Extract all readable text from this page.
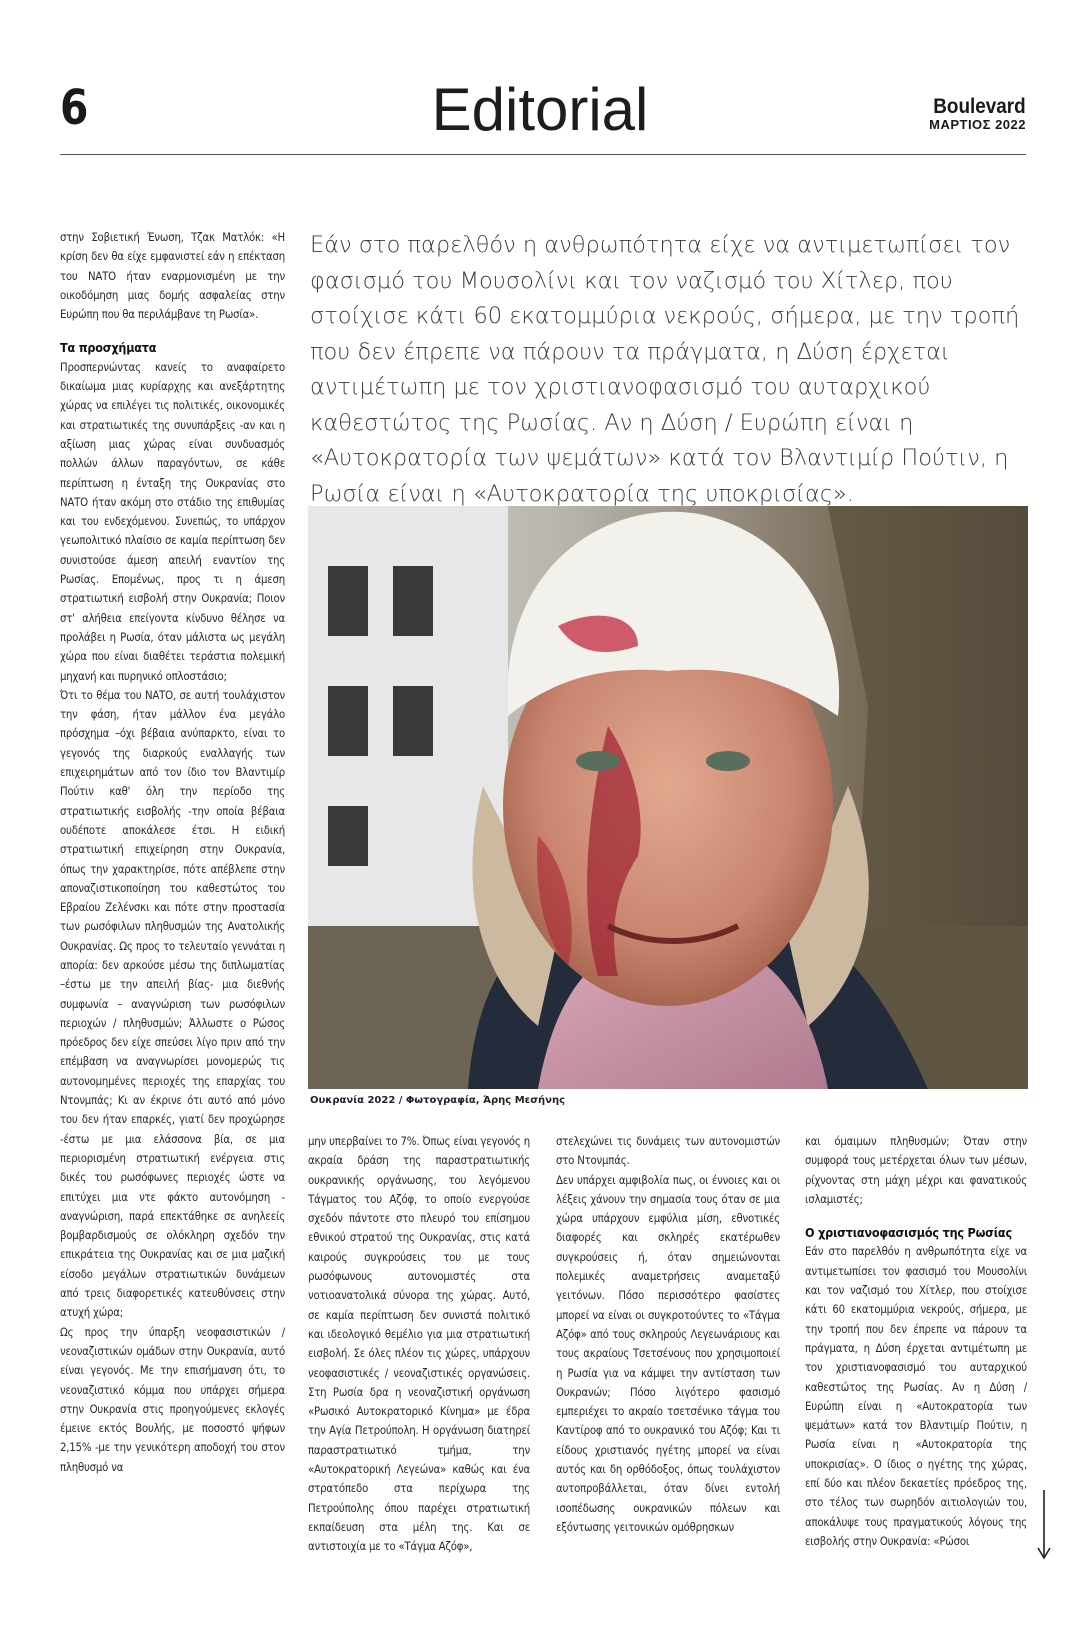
6	Editorial	Boulevard
ΜΑΡΤΙΟΣ 2022

στην Σοβιετική Ένωση, Τζακ Ματλόκ: «Η κρίση δεν θα είχε εμφανιστεί εάν η επέκταση του ΝΑΤΟ ήταν εναρμονισμένη με την οικοδόμηση μιας δομής ασφαλείας στην Ευρώπη που θα περιλάμβανε τη Ρωσία».

Τα προσχήματα

Προσπερνώντας κανείς το αναφαίρετο δικαίωμα μιας κυρίαρχης και ανεξάρτητης χώρας να επιλέγει τις πολιτικές, οικονομικές και στρατιωτικές της συνυπάρξεις -αν και η αξίωση μιας χώρας είναι συνδυασμός πολλών άλλων παραγόντων, σε κάθε περίπτωση η ένταξη της Ουκρανίας στο ΝΑΤΟ ήταν ακόμη στο στάδιο της επιθυμίας και του ενδεχόμενου. Συνεπώς, το υπάρχον γεωπολιτικό πλαίσιο σε καμία περίπτωση δεν συνιστούσε άμεση απειλή εναντίον της Ρωσίας. Επομένως, προς τι η άμεση στρατιωτική εισβολή στην Ουκρανία; Ποιον στ' αλήθεια επείγοντα κίνδυνο θέλησε να προλάβει η Ρωσία, όταν μάλιστα ως μεγάλη χώρα που είναι διαθέτει τεράστια πολεμική μηχανή και πυρηνικό οπλοστάσιο;

Ότι το θέμα του ΝΑΤΟ, σε αυτή τουλάχιστον την φάση, ήταν μάλλον ένα μεγάλο πρόσχημα –όχι βέβαια ανύπαρκτο, είναι το γεγονός της διαρκούς εναλλαγής των επιχειρημάτων από τον ίδιο τον Βλαντιμίρ Πούτιν καθ' όλη την περίοδο της στρατιωτικής εισβολής -την οποία βέβαια ουδέποτε αποκάλεσε έτσι. Η ειδική στρατιωτική επιχείρηση στην Ουκρανία, όπως την χαρακτηρίσε, πότε απέβλεπε στην αποναζιστικοποίηση του καθεστώτος του Εβραίου Ζελένσκι και πότε στην προστασία των ρωσόφιλων πληθυσμών της Ανατολικής Ουκρανίας. Ως προς το τελευταίο γεννάται η απορία: δεν αρκούσε μέσω της διπλωματίας –έστω με την απειλή βίας- μια διεθνής συμφωνία – αναγνώριση των ρωσόφιλων περιοχών / πληθυσμών; Άλλωστε ο Ρώσος πρόεδρος δεν είχε σπεύσει λίγο πριν από την επέμβαση να αναγνωρίσει μονομερώς τις αυτονομημένες περιοχές της επαρχίας του Ντονμπάς; Κι αν έκρινε ότι αυτό από μόνο του δεν ήταν επαρκές, γιατί δεν προχώρησε -έστω με μια ελάσσονα βία, σε μια περιορισμένη στρατιωτική ενέργεια στις δικές του ρωσόφωνες περιοχές ώστε να επιτύχει μια ντε φάκτο αυτονόμηση - αναγνώριση, παρά επεκτάθηκε σε ανηλεείς βομβαρδισμούς σε ολόκληρη σχεδόν την επικράτεια της Ουκρανίας και σε μια μαζική είσοδο μεγάλων στρατιωτικών δυνάμεων από τρεις διαφορετικές κατευθύνσεις στην ατυχή χώρα;

Ως προς την ύπαρξη νεοφασιστικών / νεοναζιστικών ομάδων στην Ουκρανία, αυτό είναι γεγονός. Με την επισήμανση ότι, το νεοναζιστικό κόμμα που υπάρχει σήμερα στην Ουκρανία στις προηγούμενες εκλογές έμεινε εκτός Βουλής, με ποσοστό ψήφων 2,15% -με την γενικότερη αποδοχή του στον πληθυσμό να

Εάν στο παρελθόν η ανθρωπότητα είχε να αντιμετωπίσει τον φασισμό του Μουσολίνι και τον ναζισμό του Χίτλερ, που στοίχισε κάτι 60 εκατομμύρια νεκρούς, σήμερα, με την τροπή που δεν έπρεπε να πάρουν τα πράγματα, η Δύση έρχεται αντιμέτωπη με τον χριστιανοφασισμό του αυταρχικού καθεστώτος της Ρωσίας. Αν η Δύση / Ευρώπη είναι η «Αυτοκρατορία των ψεμάτων» κατά τον Βλαντιμίρ Πούτιν, η Ρωσία είναι η «Αυτοκρατορία της υποκρισίας».
Ουκρανία 2022 / Φωτογραφία, Άρης Μεσήνης

μην υπερβαίνει το 7%. Όπως είναι γεγονός η ακραία δράση της παραστρατιωτικής ουκρανικής οργάνωσης, του λεγόμενου Τάγματος του Αζόφ, το οποίο ενεργούσε σχεδόν πάντοτε στο πλευρό του επίσημου εθνικού στρατού της Ουκρανίας, στις κατά καιρούς συγκρούσεις του με τους ρωσόφωνους αυτονομιστές στα νοτιοανατολικά σύνορα της χώρας. Αυτό, σε καμία περίπτωση δεν συνιστά πολιτικό και ιδεολογικό θεμέλιο για μια στρατιωτική εισβολή. Σε όλες πλέον τις χώρες, υπάρχουν νεοφασιστικές / νεοναζιστικές οργανώσεις. Στη Ρωσία δρα η νεοναζιστική οργάνωση «Ρωσικό Αυτοκρατορικό Κίνημα» με έδρα την Αγία Πετρούπολη. Η οργάνωση διατηρεί παραστρατιωτικό τμήμα, την «Αυτοκρατορική Λεγεώνα» καθώς και ένα στρατόπεδο στα περίχωρα της Πετρούπολης όπου παρέχει στρατιωτική εκπαίδευση στα μέλη της. Και σε αντιστοιχία με το «Τάγμα Αζόφ»,

στελεχώνει τις δυνάμεις των αυτονομιστών στο Ντονμπάς.

Δεν υπάρχει αμφιβολία πως, οι έννοιες και οι λέξεις χάνουν την σημασία τους όταν σε μια χώρα υπάρχουν εμφύλια μίση, εθνοτικές διαφορές και σκληρές εκατέρωθεν συγκρούσεις ή, όταν σημειώνονται πολεμικές αναμετρήσεις αναμεταξύ γειτόνων. Πόσο περισσότερο φασίστες μπορεί να είναι οι συγκροτούντες το «Τάγμα Αζόφ» από τους σκληρούς Λεγεωνάριους και τους ακραίους Τσετσένους που χρησιμοποιεί η Ρωσία για να κάμψει την αντίσταση των Ουκρανών; Πόσο λιγότερο φασισμό εμπεριέχει το ακραίο τσετσένικο τάγμα του Καντίροφ από το ουκρανικό του Αζόφ; Και τι είδους χριστιανός ηγέτης μπορεί να είναι αυτός και δη ορθόδοξος, όπως τουλάχιστον αυτοπροβάλλεται, όταν δίνει εντολή ισοπέδωσης ουκρανικών πόλεων και εξόντωσης γειτονικών ομόθρησκων

και όμαιμων πληθυσμών; Όταν στην συμφορά τους μετέρχεται όλων των μέσων, ρίχνοντας στη μάχη μέχρι και φανατικούς ισλαμιστές;

Ο χριστιανοφασισμός της Ρωσίας

Εάν στο παρελθόν η ανθρωπότητα είχε να αντιμετωπίσει τον φασισμό του Μουσολίνι και τον ναζισμό του Χίτλερ, που στοίχισε κάτι 60 εκατομμύρια νεκρούς, σήμερα, με την τροπή που δεν έπρεπε να πάρουν τα πράγματα, η Δύση έρχεται αντιμέτωπη με τον χριστιανοφασισμό του αυταρχικού καθεστώτος της Ρωσίας. Αν η Δύση / Ευρώπη είναι η «Αυτοκρατορία των ψεμάτων» κατά τον Βλαντιμίρ Πούτιν, η Ρωσία είναι η «Αυτοκρατορία της υποκρισίας». Ο ίδιος ο ηγέτης της χώρας, επί δύο και πλέον δεκαετίες πρόεδρος της, στο τέλος των σωρηδόν αιτιολογιών του, αποκάλυψε τους πραγματικούς λόγους της εισβολής στην Ουκρανία: «Ρώσοι
